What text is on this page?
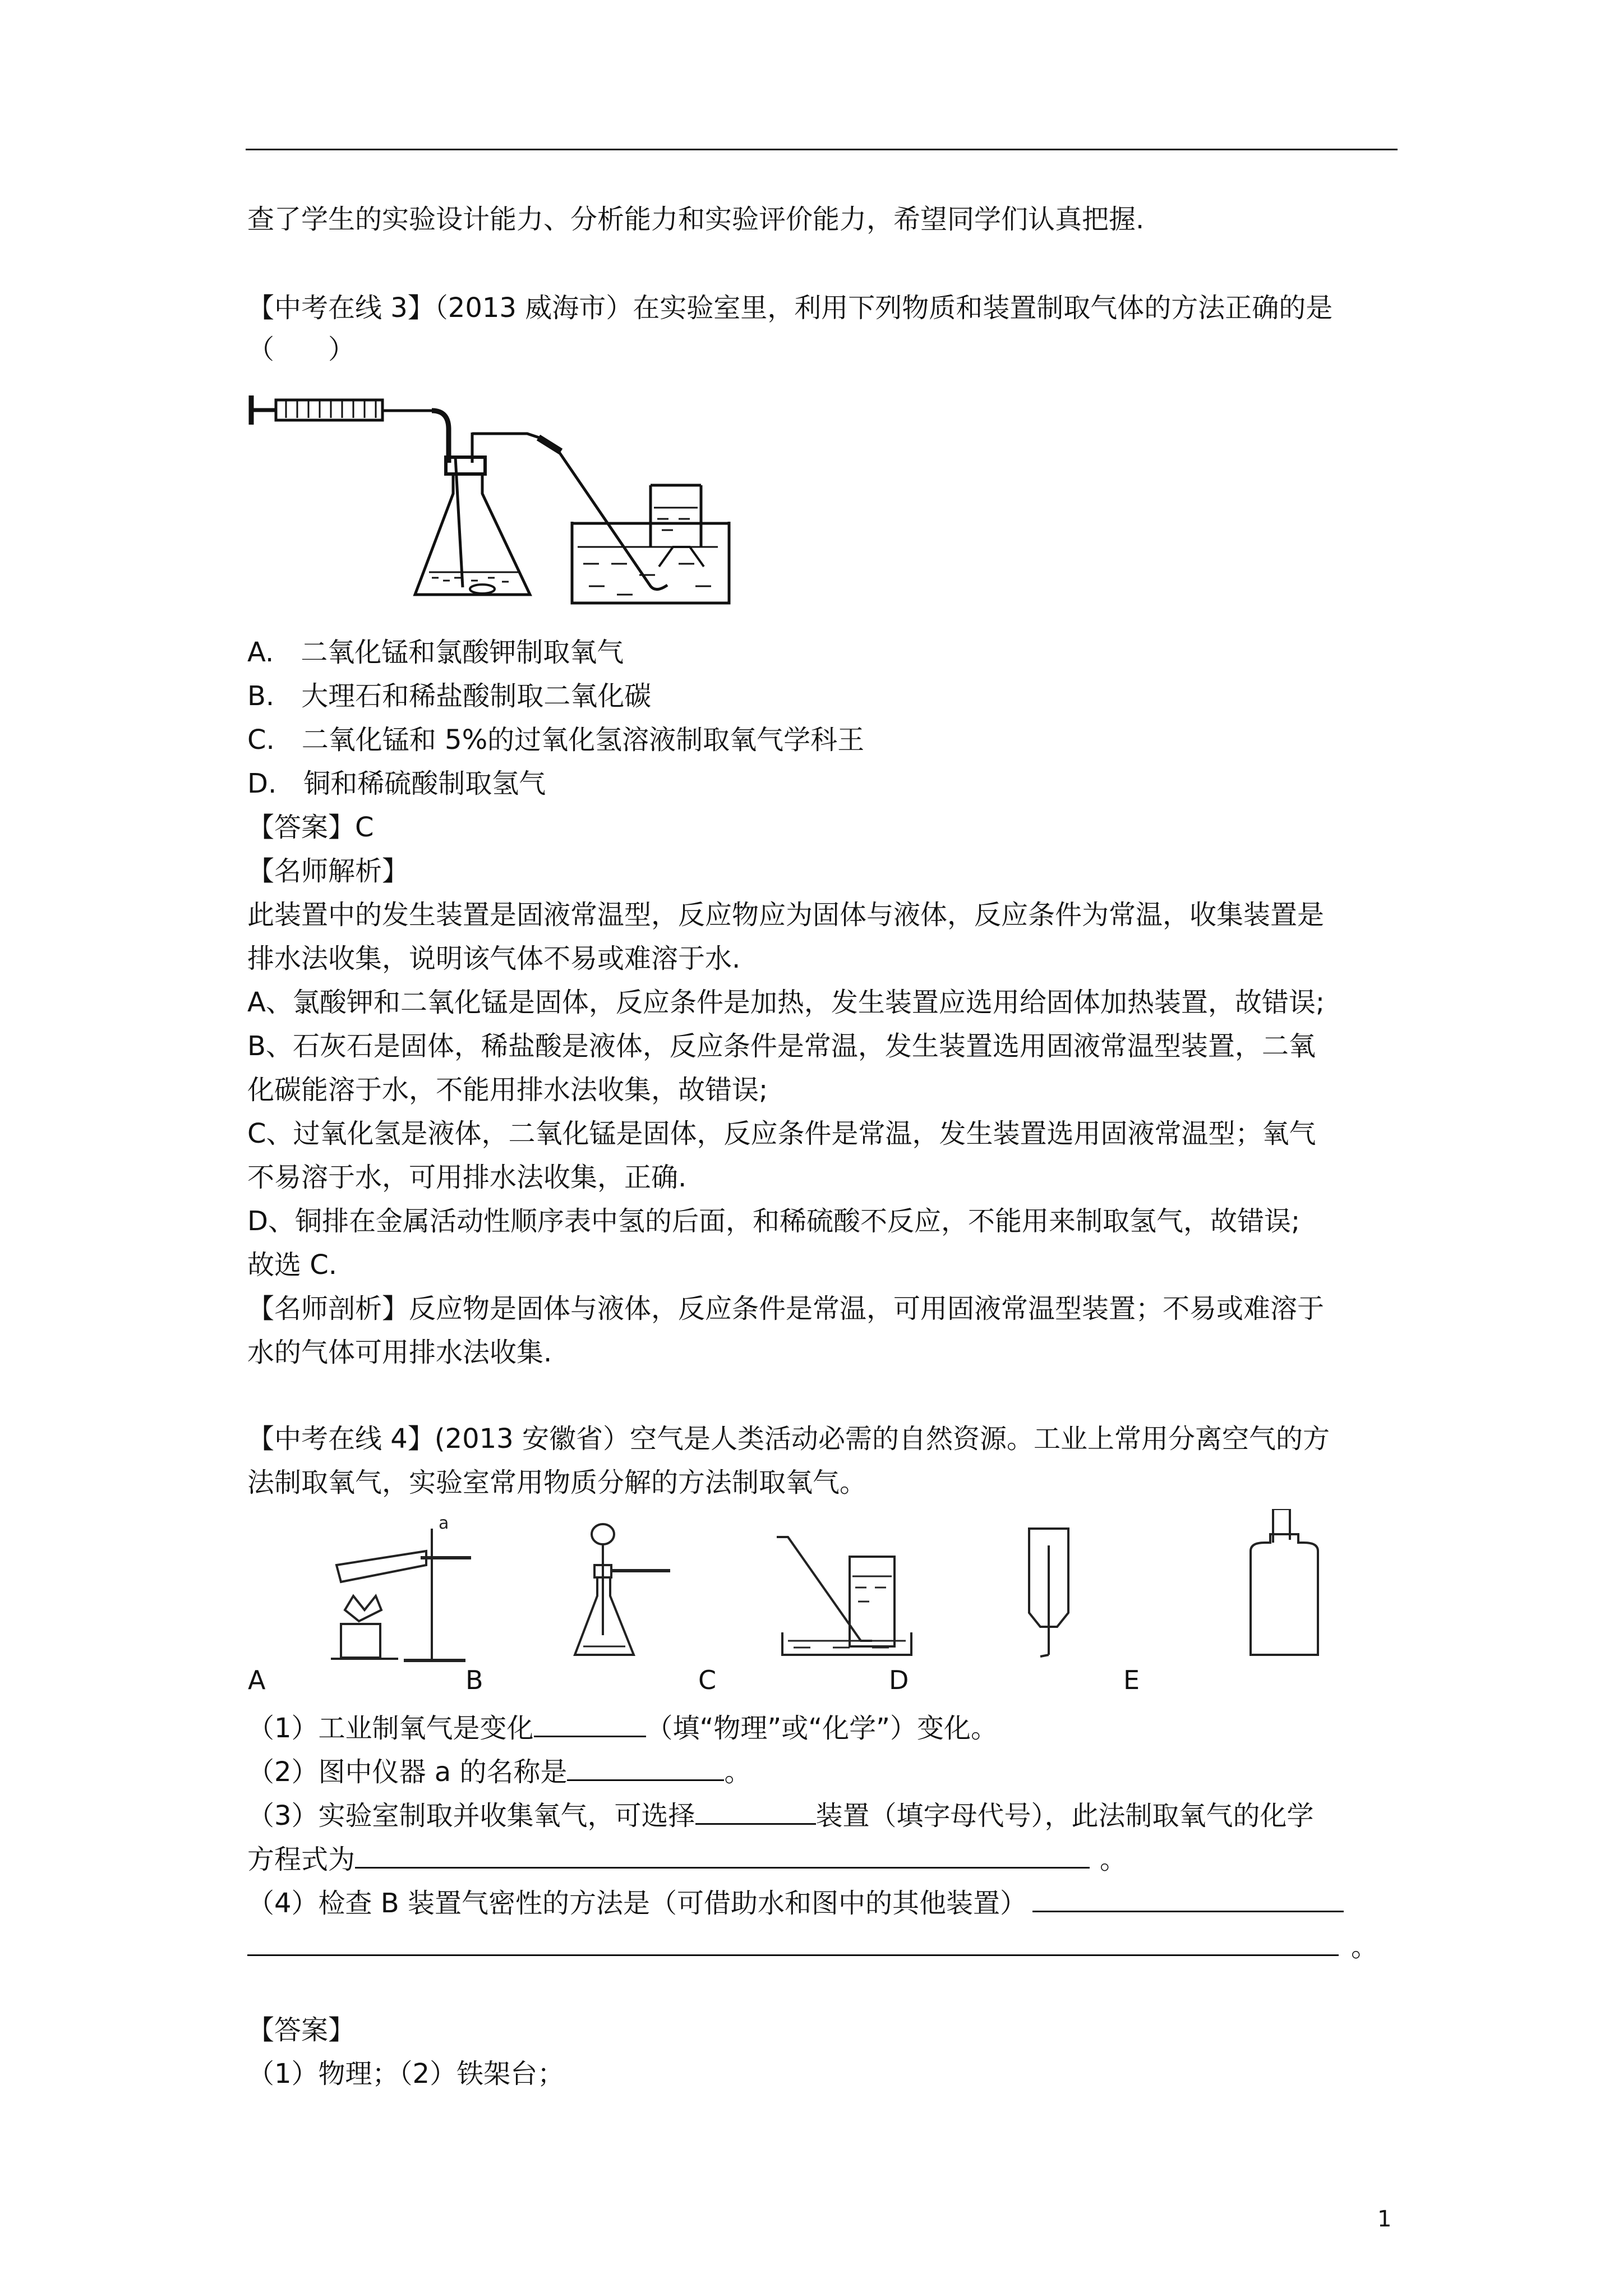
查了学生的实验设计能力、分析能力和实验评价能力，希望同学们认真把握.
【中考在线 3】（2013 威海市）在实验室里，利用下列物质和装置制取气体的方法正确的是
（　　）
A.　二氧化锰和氯酸钾制取氧气
B.　大理石和稀盐酸制取二氧化碳
C.　二氧化锰和 5%的过氧化氢溶液制取氧气学科王
D.　铜和稀硫酸制取氢气
【答案】C
【名师解析】
此装置中的发生装置是固液常温型，反应物应为固体与液体，反应条件为常温，收集装置是
排水法收集，说明该气体不易或难溶于水.
A、氯酸钾和二氧化锰是固体，反应条件是加热，发生装置应选用给固体加热装置，故错误;
B、石灰石是固体，稀盐酸是液体，反应条件是常温，发生装置选用固液常温型装置，二氧
化碳能溶于水，不能用排水法收集，故错误;
C、过氧化氢是液体，二氧化锰是固体，反应条件是常温，发生装置选用固液常温型；氧气
不易溶于水，可用排水法收集，正确.
D、铜排在金属活动性顺序表中氢的后面，和稀硫酸不反应，不能用来制取氢气，故错误;
故选 C.
【名师剖析】反应物是固体与液体，反应条件是常温，可用固液常温型装置；不易或难溶于
水的气体可用排水法收集.
【中考在线 4】(2013 安徽省）空气是人类活动必需的自然资源。工业上常用分离空气的方
法制取氧气，实验室常用物质分解的方法制取氧气。
a
A	B	C	D	E
（1）工业制氧气是变化	（填“物理”或“化学”）变化。
（2）图中仪器 a 的名称是	。
（3）实验室制取并收集氧气，可选择	装置（填字母代号），此法制取氧气的化学
方程式为	。
（4）检查 B 装置气密性的方法是（可借助水和图中的其他装置）
。
【答案】
（1）物理；（2）铁架台；
1
